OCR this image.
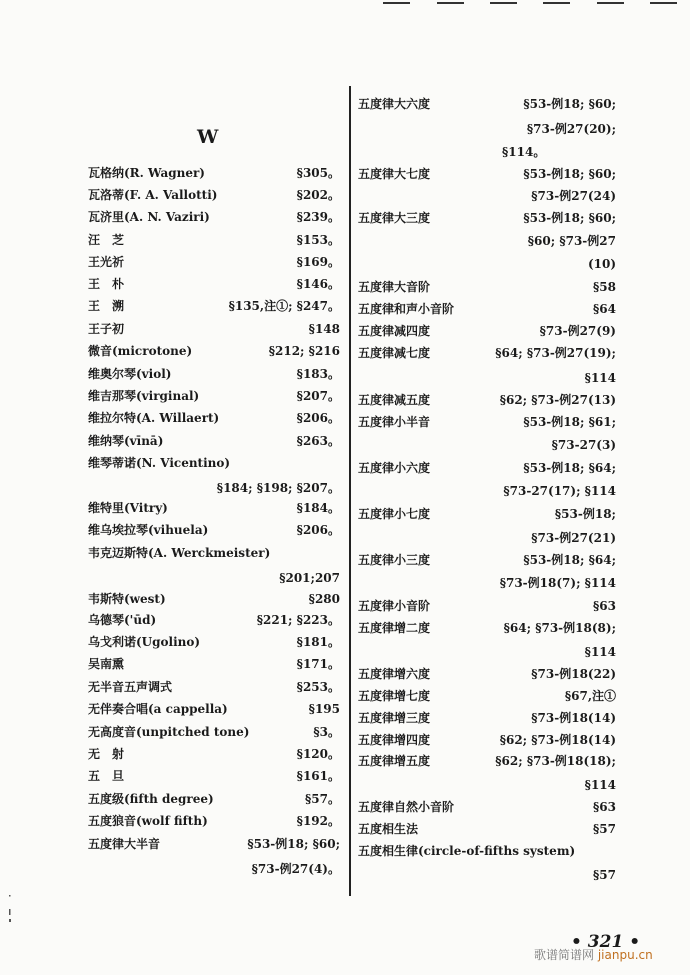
W
瓦格纳(R. Wagner)	§305。
瓦洛蒂(F. A. Vallotti)	§202。
瓦济里(A. N. Vaziri)	§239。
汪　芝	§153。
王光祈	§169。
王　朴	§146。
王　溯	§135,注①; §247。
王子初	§148
微音(microtone)	§212; §216
维奥尔琴(viol)	§183。
维吉那琴(virginal)	§207。
维拉尔特(A. Willaert)	§206。
维纳琴(vīnā)	§263。
维琴蒂诺(N. Vicentino)
§184; §198; §207。
维特里(Vitry)	§184。
维乌埃拉琴(vihuela)	§206。
韦克迈斯特(A. Werckmeister)
§201;207
韦斯特(west)	§280
乌德琴('ūd)	§221; §223。
乌戈利诺(Ugolino)	§181。
吴南熏	§171。
无半音五声调式	§253。
无伴奏合唱(a cappella)	§195
无高度音(unpitched tone)	§3。
无　射	§120。
五　旦	§161。
五度级(fifth degree)	§57。
五度狼音(wolf fifth)	§192。
五度律大半音	§53-例18; §60;
§73-例27(4)。
五度律大六度	§53-例18; §60;
§73-例27(20);
§114。
五度律大七度	§53-例18; §60;
§73-例27(24)
五度律大三度	§53-例18; §60;
§60; §73-例27
(10)
五度律大音阶	§58
五度律和声小音阶	§64
五度律减四度	§73-例27(9)
五度律减七度	§64; §73-例27(19);
§114
五度律减五度	§62; §73-例27(13)
五度律小半音	§53-例18; §61;
§73-27(3)
五度律小六度	§53-例18; §64;
§73-27(17); §114
五度律小七度	§53-例18;
§73-例27(21)
五度律小三度	§53-例18; §64;
§73-例18(7); §114
五度律小音阶	§63
五度律增二度	§64; §73-例18(8);
§114
五度律增六度	§73-例18(22)
五度律增七度	§67,注①
五度律增三度	§73-例18(14)
五度律增四度	§62; §73-例18(14)
五度律增五度	§62; §73-例18(18);
§114
五度律自然小音阶	§63
五度相生法	§57
五度相生律(circle-of-fifths system)
§57
• 321 •
歌谱简谱网 jianpu.cn
